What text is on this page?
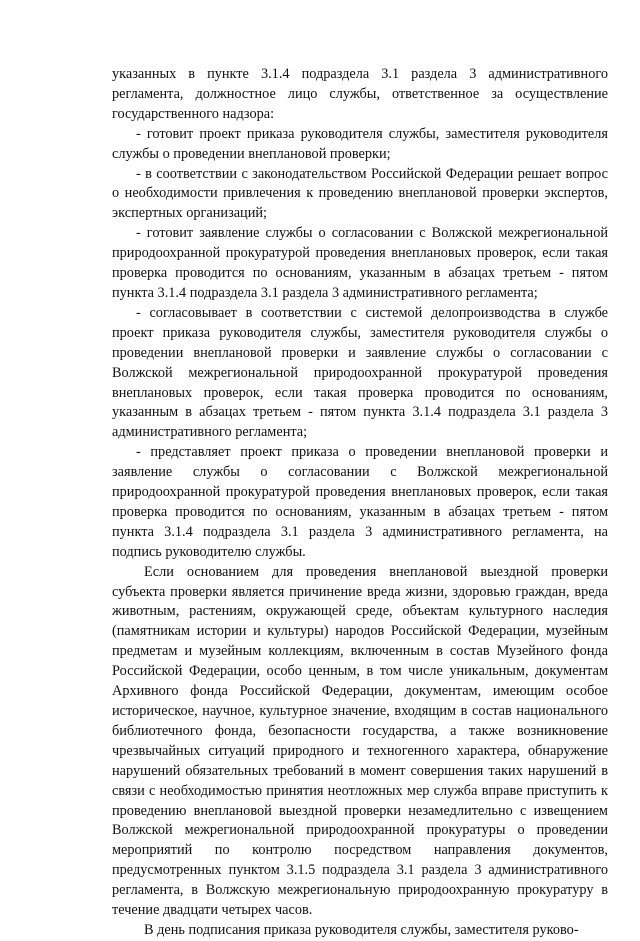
указанных в пункте 3.1.4 подраздела 3.1 раздела 3 административного регламента, должностное лицо службы, ответственное за осуществление государственного надзора:

- готовит проект приказа руководителя службы, заместителя руководителя службы о проведении внеплановой проверки;

- в соответствии с законодательством Российской Федерации решает вопрос о необходимости привлечения к проведению внеплановой проверки экспертов, экспертных организаций;

- готовит заявление службы о согласовании с Волжской межрегиональной природоохранной прокуратурой проведения внеплановых проверок, если такая проверка проводится по основаниям, указанным в абзацах третьем - пятом пункта 3.1.4 подраздела 3.1 раздела 3 административного регламента;

- согласовывает в соответствии с системой делопроизводства в службе проект приказа руководителя службы, заместителя руководителя службы о проведении внеплановой проверки и заявление службы о согласовании с Волжской межрегиональной природоохранной прокуратурой проведения внеплановых проверок, если такая проверка проводится по основаниям, указанным в абзацах третьем - пятом пункта 3.1.4 подраздела 3.1 раздела 3 административного регламента;

- представляет проект приказа о проведении внеплановой проверки и заявление службы о согласовании с Волжской межрегиональной природоохранной прокуратурой проведения внеплановых проверок, если такая проверка проводится по основаниям, указанным в абзацах третьем - пятом пункта 3.1.4 подраздела 3.1 раздела 3 административного регламента, на подпись руководителю службы.

Если основанием для проведения внеплановой выездной проверки субъекта проверки является причинение вреда жизни, здоровью граждан, вреда животным, растениям, окружающей среде, объектам культурного наследия (памятникам истории и культуры) народов Российской Федерации, музейным предметам и музейным коллекциям, включенным в состав Музейного фонда Российской Федерации, особо ценным, в том числе уникальным, документам Архивного фонда Российской Федерации, документам, имеющим особое историческое, научное, культурное значение, входящим в состав национального библиотечного фонда, безопасности государства, а также возникновение чрезвычайных ситуаций природного и техногенного характера, обнаружение нарушений обязательных требований в момент совершения таких нарушений в связи с необходимостью принятия неотложных мер служба вправе приступить к проведению внеплановой выездной проверки незамедлительно с извещением Волжской межрегиональной природоохранной прокуратуры о проведении мероприятий по контролю посредством направления документов, предусмотренных пунктом 3.1.5 подраздела 3.1 раздела 3 административного регламента, в Волжскую межрегиональную природоохранную прокуратуру в течение двадцати четырех часов.

В день подписания приказа руководителя службы, заместителя руково-
